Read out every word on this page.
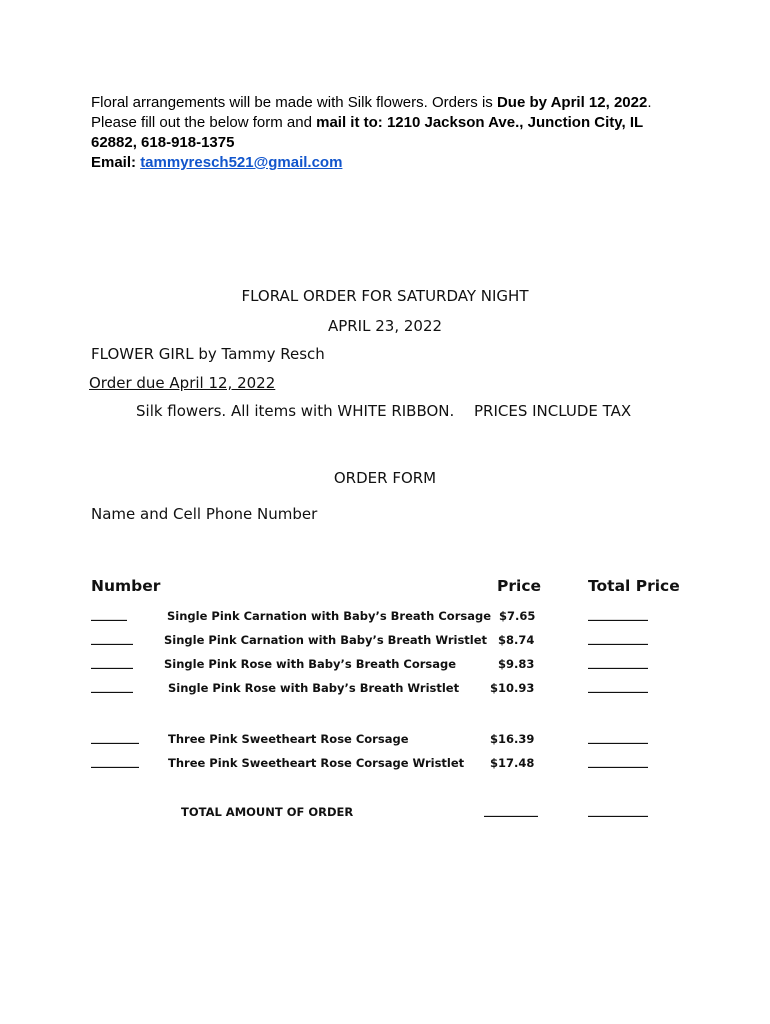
Floral arrangements will be made with Silk flowers. Orders is Due by April 12, 2022.
Please fill out the below form and mail it to: 1210 Jackson Ave., Junction City, IL
62882, 618-918-1375
Email: tammyresch521@gmail.com
FLORAL ORDER FOR SATURDAY NIGHT
APRIL 23, 2022
FLOWER GIRL by Tammy Resch
Order due April 12, 2022
Silk flowers. All items with WHITE RIBBON. PRICES INCLUDE TAX
ORDER FORM
Name and Cell Phone Number
Number	Price	Total Price
______	Single Pink Carnation with Baby’s Breath Corsage $7.65	__________
_______	Single Pink Carnation with Baby’s Breath Wristlet $8.74	__________
_______	Single Pink Rose with Baby’s Breath Corsage	$9.83	__________
_______	Single Pink Rose with Baby’s Breath Wristlet	$10.93	__________
________	Three Pink Sweetheart Rose Corsage	$16.39	__________
________	Three Pink Sweetheart Rose Corsage Wristlet $17.48	__________
TOTAL AMOUNT OF ORDER	_________	__________
